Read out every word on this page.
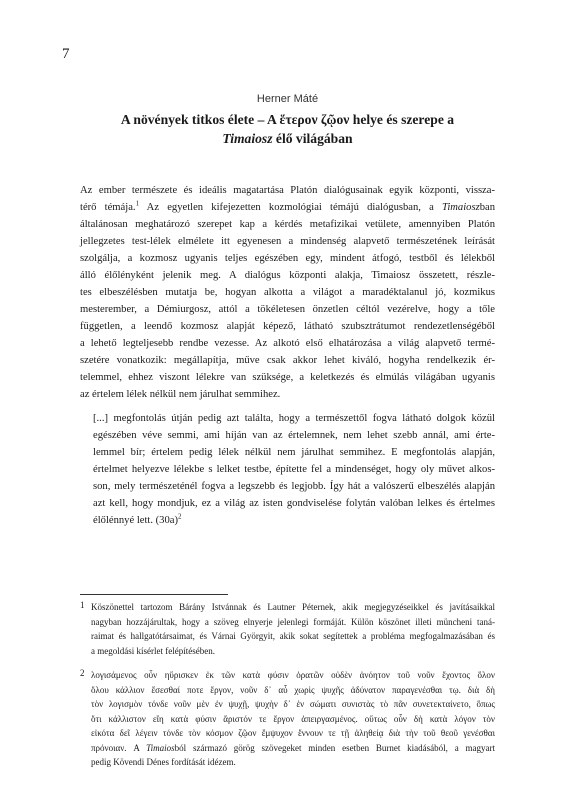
7
Herner Máté
A növények titkos élete – A ἕτερον ζῷον helye és szerepe a
Timaiosz élő világában
Az ember természete és ideális magatartása Platón dialógusainak egyik központi, vissza-
térő témája.$^1$ Az egyetlen kifejezetten kozmológiai témájú dialógusban, a Timaioszban
általánosan meghatározó szerepet kap a kérdés metafizikai vetülete, amennyiben Platón
jellegzetes test-lélek elmélete itt egyenesen a mindenség alapvető természetének leírását
szolgálja, a kozmosz ugyanis teljes egészében egy, mindent átfogó, testből és lélekből
álló élőlényként jelenik meg. A dialógus központi alakja, Timaiosz összetett, részle-
tes elbeszélésben mutatja be, hogyan alkotta a világot a maradéktalanul jó, kozmikus
mesterember, a Démiurgosz, attól a tökéletesen önzetlen céltól vezérelve, hogy a tőle
független, a leendő kozmosz alapját képező, látható szubsztrátumot rendezetlenségéből
a lehető legteljesebb rendbe vezesse. Az alkotó első elhatározása a világ alapvető termé-
szetére vonatkozik: megállapítja, műve csak akkor lehet kiváló, hogyha rendelkezik ér-
telemmel, ehhez viszont lélekre van szüksége, a keletkezés és elmúlás világában ugyanis
az értelem lélek nélkül nem járulhat semmihez.
[...] megfontolás útján pedig azt találta, hogy a természettől fogva látható dolgok közül
egészében véve semmi, ami híján van az értelemnek, nem lehet szebb annál, ami érte-
lemmel bír; értelem pedig lélek nélkül nem járulhat semmihez. E megfontolás alapján,
értelmet helyezve lélekbe s lelket testbe, építette fel a mindenséget, hogy oly művet alkos-
son, mely természeténél fogva a legszebb és legjobb. Így hát a valószerű elbeszélés alapján
azt kell, hogy mondjuk, ez a világ az isten gondviselése folytán valóban lelkes és értelmes
élőlénnyé lett. $(30a)^2$
1 Köszönettel tartozom Bárány Istvánnak és Lautner Péternek, akik megjegyzéseikkel és javításaikkal
nagyban hozzájárultak, hogy a szöveg elnyerje jelenlegi formáját. Külön köszönet illeti müncheni taná-
raimat és hallgatótársaimat, és Várnai Györgyit, akik sokat segítettek a probléma megfogalmazásában és
a megoldási kísérlet felépítésében.
2 λογισάμενος οὖν ηὕρισκεν ἐκ τῶν κατὰ φύσιν ὁρατῶν οὐδὲν ἀνόητον τοῦ νοῦν ἔχοντος ὅλον
ὅλου κάλλιον ἔσεσθαί ποτε ἔργον, νοῦν δ᾽ αὖ χωρὶς ψυχῆς ἀδύνατον παραγενέσθαι τῳ. διὰ δὴ
τὸν λογισμὸν τόνδε νοῦν μὲν ἐν ψυχῇ, ψυχὴν δ᾽ ἐν σώματι συνιστὰς τὸ πᾶν συνετεκταίνετο, ὅπως
ὅτι κάλλιστον εἴη κατὰ φύσιν ἄριστόν τε ἔργον ἀπειργασμένος. οὕτως οὖν δὴ κατὰ λόγον τὸν
εἰκότα δεῖ λέγειν τόνδε τὸν κόσμον ζῷον ἔμψυχον ἔννουν τε τῇ ἀληθείᾳ διὰ τὴν τοῦ θεοῦ γενέσθαι
πρόνοιαν. A Timaiosból származó görög szövegeket minden esetben Burnet kiadásából, a magyart
pedig Kövendi Dénes fordítását idézem.
